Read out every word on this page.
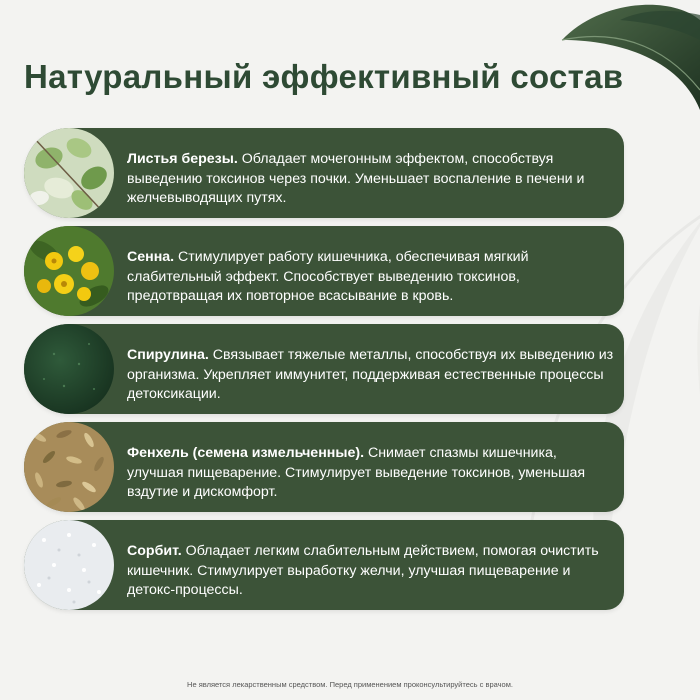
Натуральный эффективный состав

Листья березы. Обладает мочегонным эффектом, способствуя выведению токсинов через почки. Уменьшает воспаление в печени и желчевыводящих путях.

Сенна. Стимулирует работу кишечника, обеспечивая мягкий слабительный эффект. Способствует выведению токсинов, предотвращая их повторное всасывание в кровь.

Спирулина. Связывает тяжелые металлы, способствуя их выведению из организма. Укрепляет иммунитет, поддерживая естественные процессы детоксикации.

Фенхель (семена измельченные). Снимает спазмы кишечника, улучшая пищеварение. Стимулирует выведение токсинов, уменьшая вздутие и дискомфорт.

Сорбит. Обладает легким слабительным действием, помогая очистить кишечник. Стимулирует выработку желчи, улучшая пищеварение и детокс-процессы.

Не является лекарственным средством. Перед применением проконсультируйтесь с врачом.
